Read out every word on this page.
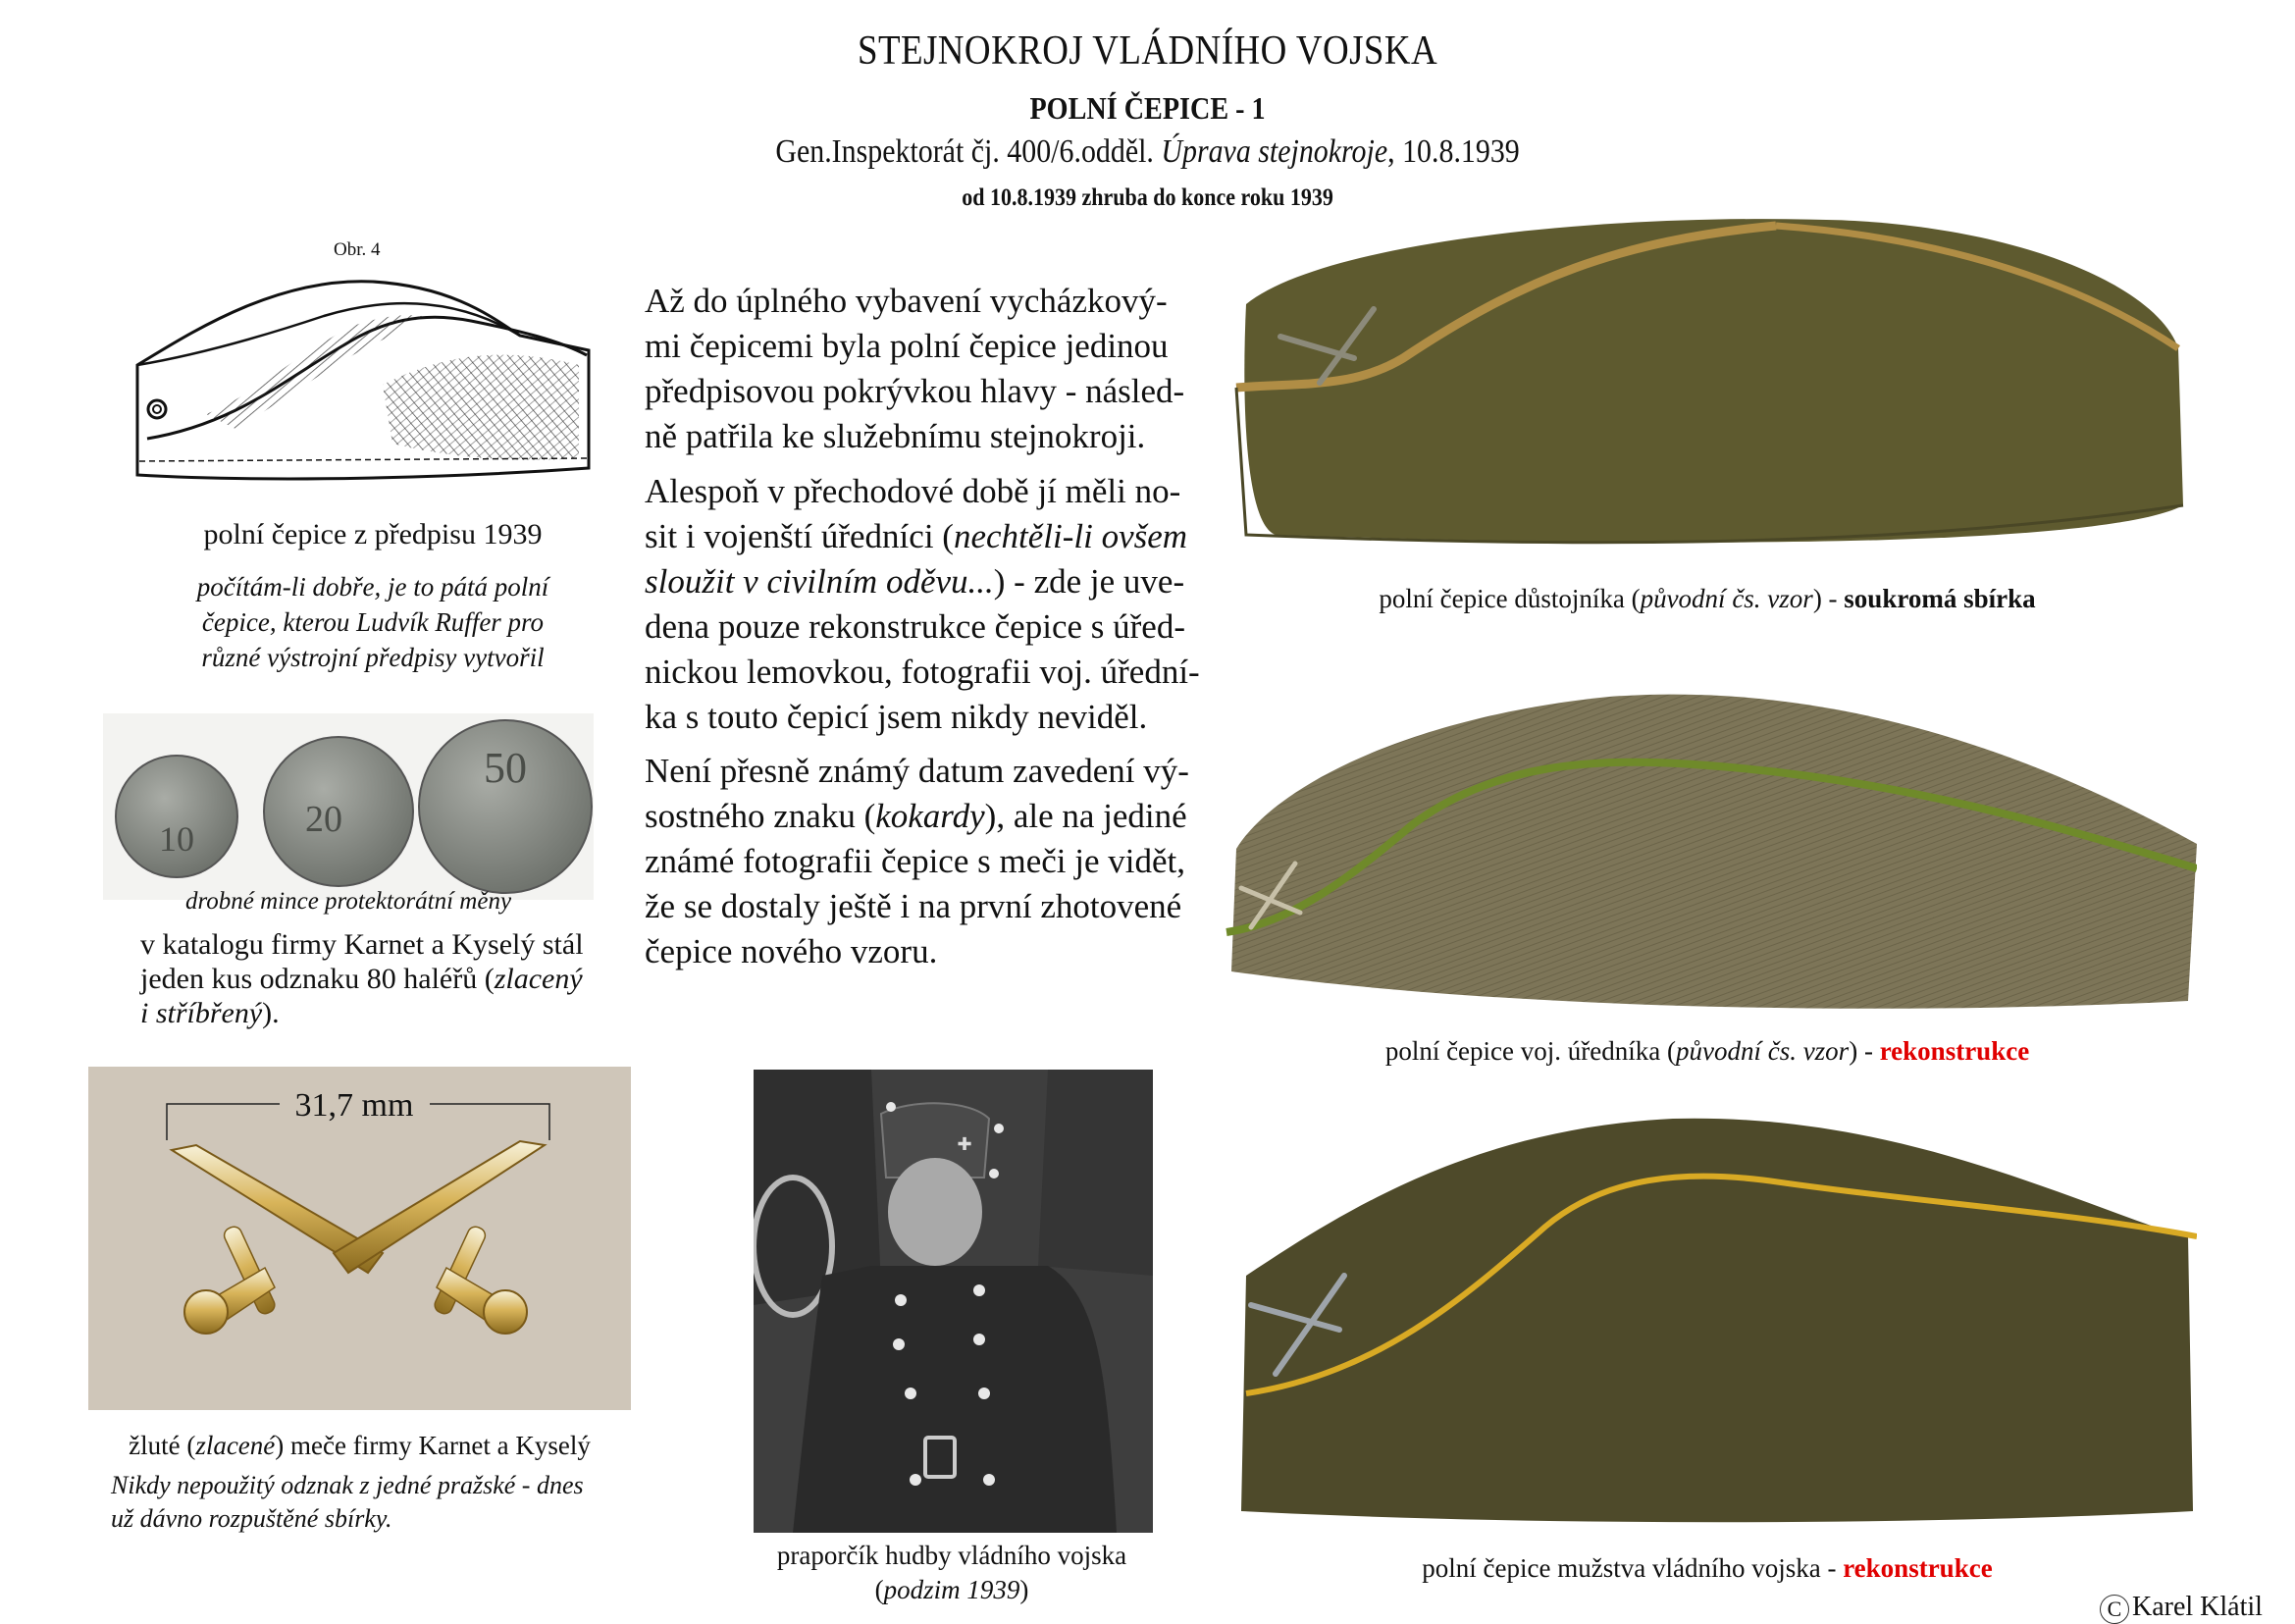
STEJNOKROJ VLÁDNÍHO VOJSKA
POLNÍ ČEPICE - 1
Gen.Inspektorát čj. 400/6.odděl. Úprava stejnokroje, 10.8.1939
od 10.8.1939 zhruba do konce roku 1939
Obr. 4
polní čepice z předpisu 1939
počítám-li dobře, je to pátá polní
čepice, kterou Ludvík Ruffer pro
různé výstrojní předpisy vytvořil
10	20
50
drobné mince protektorátní měny
v katalogu firmy Karnet a Kyselý stál
jeden kus odznaku 80 haléřů (zlacený
i stříbřený).
31,7 mm
žluté (zlacené) meče firmy Karnet a Kyselý
Nikdy nepoužitý odznak z jedné pražské - dnes
už dávno rozpuštěné sbírky.

Až do úplného vybavení vycházkový-

mi čepicemi byla polní čepice jedinou

předpisovou pokrývkou hlavy - násled-

ně patřila ke služebnímu stejnokroji.

Alespoň v přechodové době jí měli no-

sit i vojenští úředníci (nechtěli-li ovšem

sloužit v civilním oděvu...) - zde je uve-

dena pouze rekonstrukce čepice s úřed-

nickou lemovkou, fotografii voj. úřední-

ka s touto čepicí jsem nikdy neviděl.

Není přesně známý datum zavedení vý-

sostného znaku (kokardy), ale na jediné

známé fotografii čepice s meči je vidět,

že se dostaly ještě i na první zhotovené

čepice nového vzoru.

✚
praporčík hudby vládního vojska
(podzim 1939)
polní čepice důstojníka (původní čs. vzor) - soukromá sbírka
polní čepice voj. úředníka (původní čs. vzor) - rekonstrukce
polní čepice mužstva vládního vojska - rekonstrukce
C Karel Klátil
